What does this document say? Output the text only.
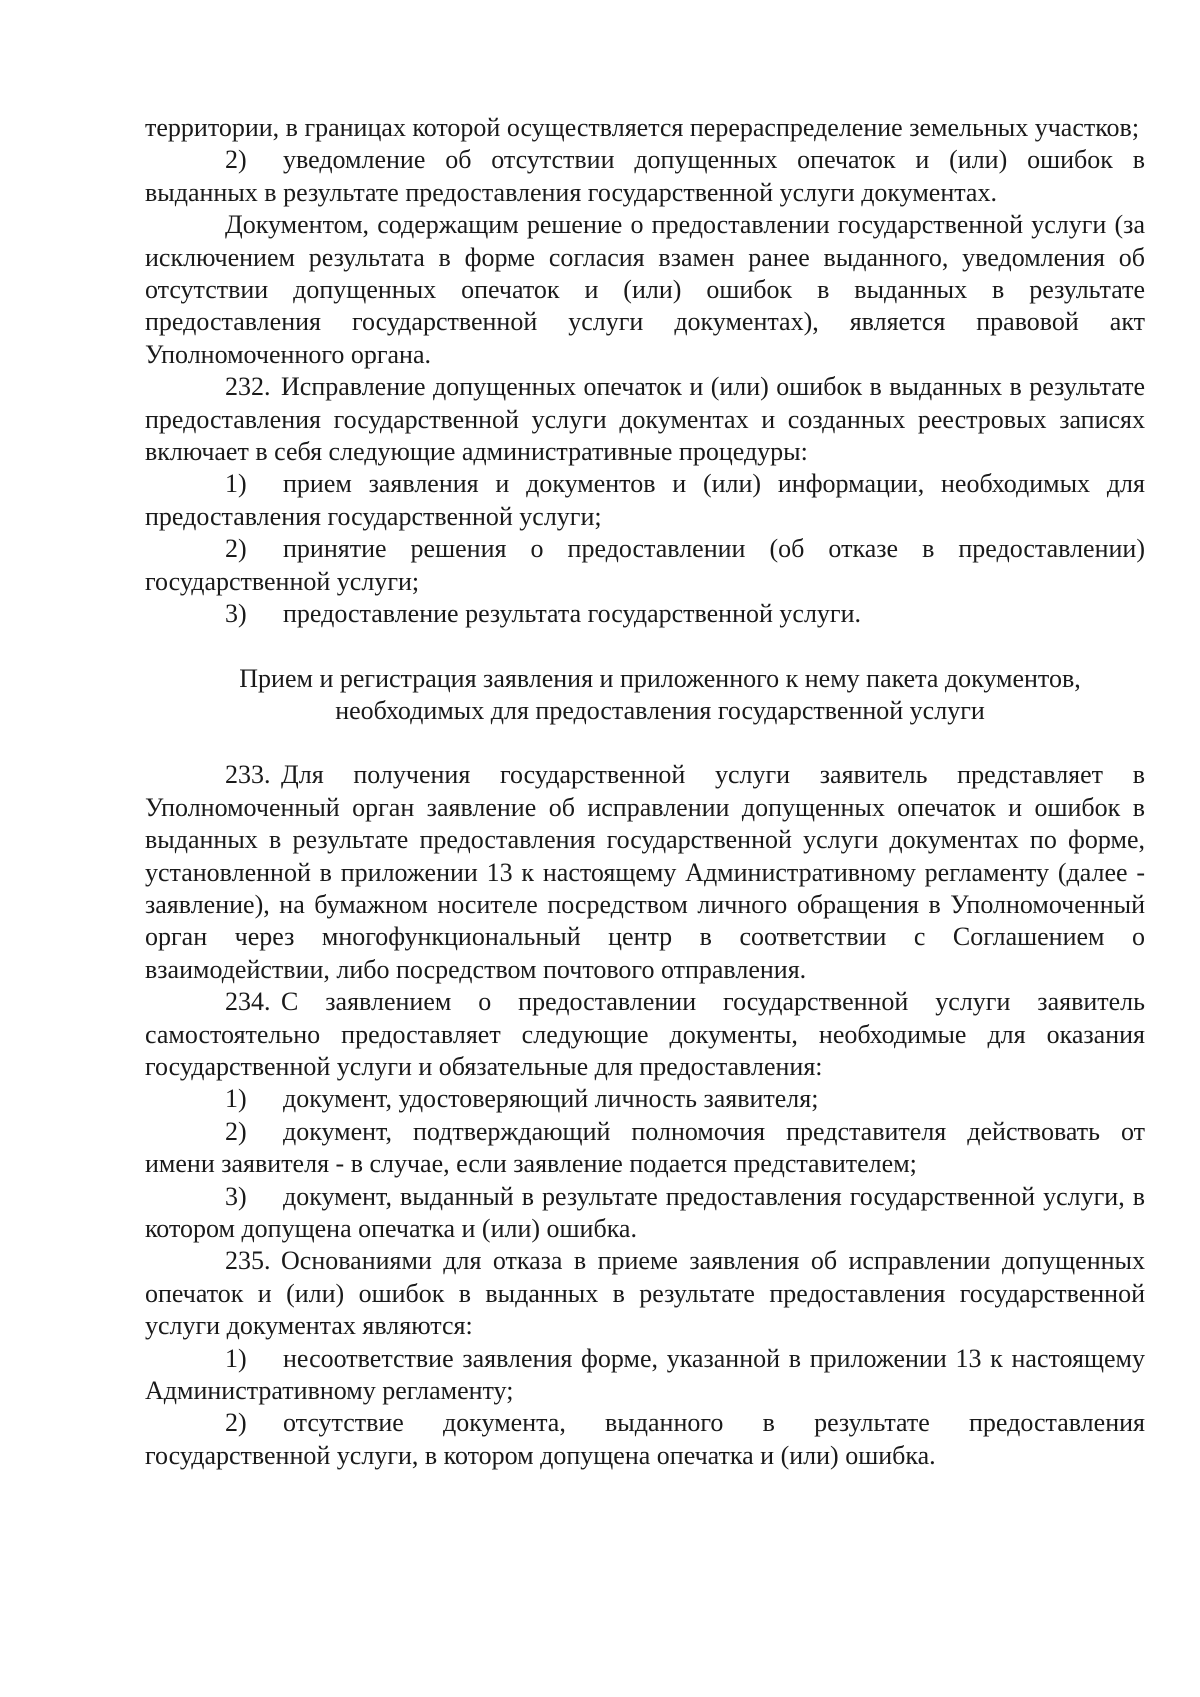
территории, в границах которой осуществляется перераспределение земельных участков;

2) уведомление об отсутствии допущенных опечаток и (или) ошибок в выданных в результате предоставления государственной услуги документах.

Документом, содержащим решение о предоставлении государственной услуги (за исключением результата в форме согласия взамен ранее выданного, уведомления об отсутствии допущенных опечаток и (или) ошибок в выданных в результате предоставления государственной услуги документах), является правовой акт Уполномоченного органа.

232. Исправление допущенных опечаток и (или) ошибок в выданных в результате предоставления государственной услуги документах и созданных реестровых записях включает в себя следующие административные процедуры:

1) прием заявления и документов и (или) информации, необходимых для предоставления государственной услуги;

2) принятие решения о предоставлении (об отказе в предоставлении) государственной услуги;

3) предоставление результата государственной услуги.

Прием и регистрация заявления и приложенного к нему пакета документов,
необходимых для предоставления государственной услуги

233. Для получения государственной услуги заявитель представляет в Уполномоченный орган заявление об исправлении допущенных опечаток и ошибок в выданных в результате предоставления государственной услуги документах по форме, установленной в приложении 13 к настоящему Административному регламенту (далее - заявление), на бумажном носителе посредством личного обращения в Уполномоченный орган через многофункциональный центр в соответствии с Соглашением о взаимодействии, либо посредством почтового отправления.

234. С заявлением о предоставлении государственной услуги заявитель самостоятельно предоставляет следующие документы, необходимые для оказания государственной услуги и обязательные для предоставления:

1) документ, удостоверяющий личность заявителя;

2) документ, подтверждающий полномочия представителя действовать от имени заявителя - в случае, если заявление подается представителем;

3) документ, выданный в результате предоставления государственной услуги, в котором допущена опечатка и (или) ошибка.

235. Основаниями для отказа в приеме заявления об исправлении допущенных опечаток и (или) ошибок в выданных в результате предоставления государственной услуги документах являются:

1) несоответствие заявления форме, указанной в приложении 13 к настоящему Административному регламенту;

2) отсутствие документа, выданного в результате предоставления государственной услуги, в котором допущена опечатка и (или) ошибка.
